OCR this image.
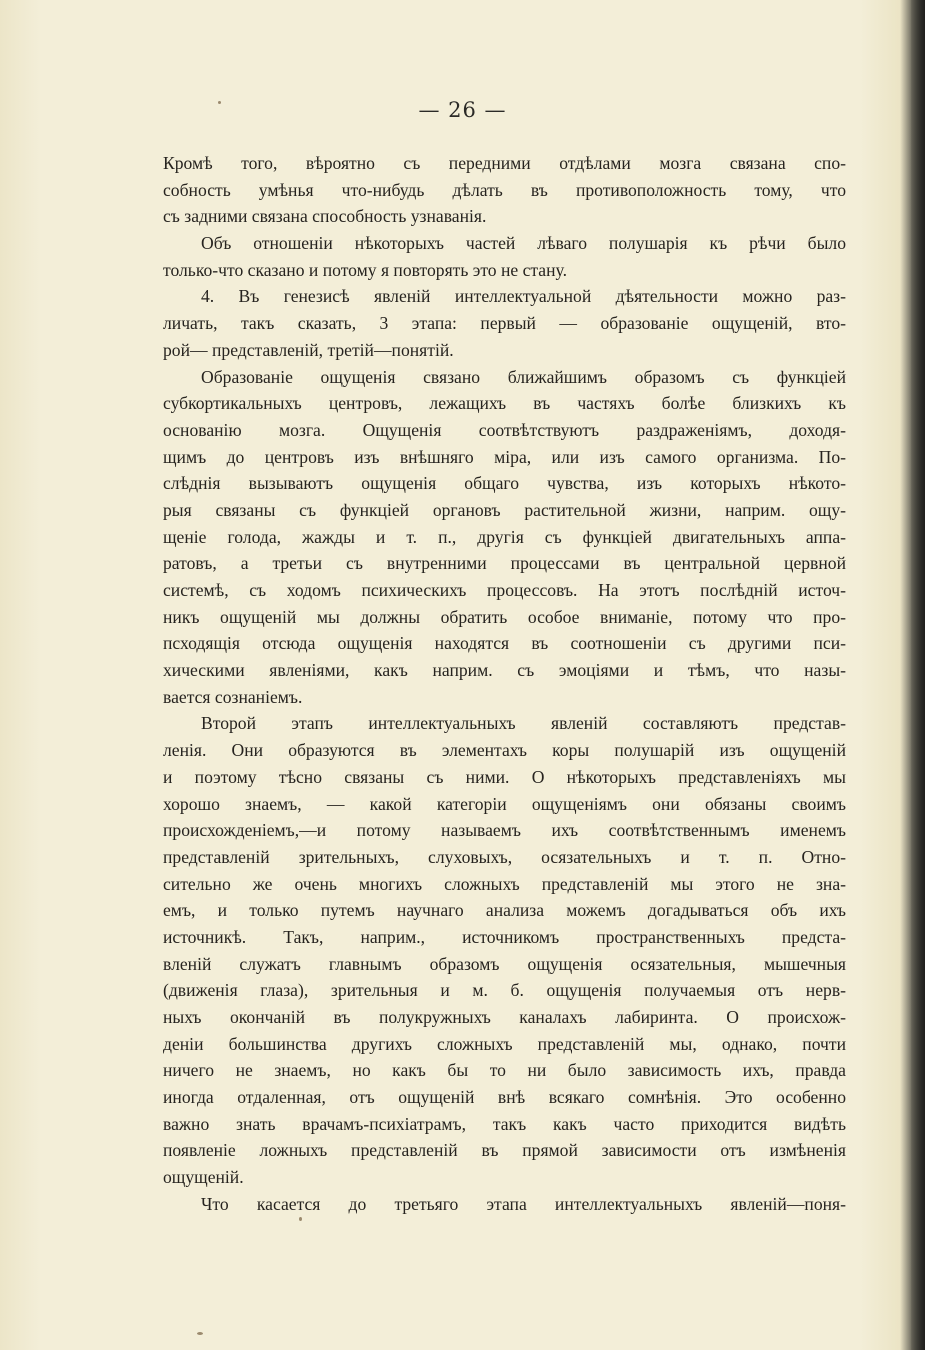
— 26 —
Кромѣ того, вѣроятно съ передними отдѣлами мозга связана спо-
собность умѣнья что-нибудь дѣлать въ противоположность тому, что
съ задними связана способность узнаванія.
Объ отношеніи нѣкоторыхъ частей лѣваго полушарія къ рѣчи было
только-что сказано и потому я повторять это не стану.
4. Въ генезисѣ явленій интеллектуальной дѣятельности можно раз-
личать, такъ сказать, 3 этапа: первый — образованіе ощущеній, вто-
рой— представленій, третій—понятій.
Образованіе ощущенія связано ближайшимъ образомъ съ функціей
субкортикальныхъ центровъ, лежащихъ въ частяхъ болѣе близкихъ къ
основанію мозга. Ощущенія соотвѣтствуютъ раздраженіямъ, доходя-
щимъ до центровъ изъ внѣшняго міра, или изъ самого организма. По-
слѣднія вызываютъ ощущенія общаго чувства, изъ которыхъ нѣкото-
рыя связаны съ функціей органовъ растительной жизни, наприм. ощу-
щеніе голода, жажды и т. п., другія съ функціей двигательныхъ аппа-
ратовъ, а третьи съ внутренними процессами въ центральной цервной
системѣ, съ ходомъ психическихъ процессовъ. На этотъ послѣдній источ-
никъ ощущеній мы должны обратить особое вниманіе, потому что про-
псходящія отсюда ощущенія находятся въ соотношеніи съ другими пси-
хическими явленіями, какъ наприм. съ эмоціями и тѣмъ, что назы-
вается сознаніемъ.
Второй этапъ интеллектуальныхъ явленій составляютъ представ-
ленія. Они образуются въ элементахъ коры полушарій изъ ощущеній
и поэтому тѣсно связаны съ ними. О нѣкоторыхъ представленіяхъ мы
хорошо знаемъ, — какой категоріи ощущеніямъ они обязаны своимъ
происхожденіемъ,—и потому называемъ ихъ соотвѣтственнымъ именемъ
представленій зрительныхъ, слуховыхъ, осязательныхъ и т. п. Отно-
сительно же очень многихъ сложныхъ представленій мы этого не зна-
емъ, и только путемъ научнаго анализа можемъ догадываться объ ихъ
источникѣ. Такъ, наприм., источникомъ пространственныхъ предста-
вленій служатъ главнымъ образомъ ощущенія осязательныя, мышечныя
(движенія глаза), зрительныя и м. б. ощущенія получаемыя отъ нерв-
ныхъ окончаній въ полукружныхъ каналахъ лабиринта. О происхож-
деніи большинства другихъ сложныхъ представленій мы, однако, почти
ничего не знаемъ, но какъ бы то ни было зависимость ихъ, правда
иногда отдаленная, отъ ощущеній внѣ всякаго сомнѣнія. Это особенно
важно знать врачамъ-психіатрамъ, такъ какъ часто приходится видѣть
появленіе ложныхъ представленій въ прямой зависимости отъ измѣненія
ощущеній.
Что касается до третьяго этапа интеллектуальныхъ явленій—поня-
